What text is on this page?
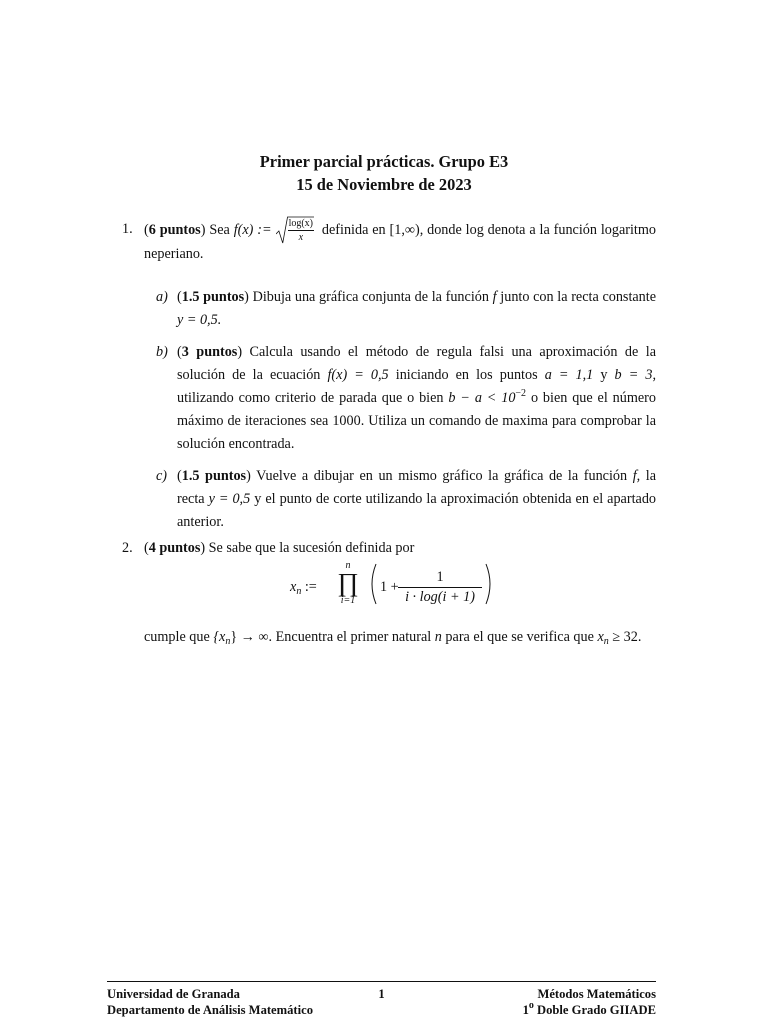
Primer parcial prácticas. Grupo E3
15 de Noviembre de 2023
1. (6 puntos) Sea f(x) := $\frac{\log(x)}{x}$ definida en [1,∞), donde log denota a la función logaritmo neperiano.
a) (1.5 puntos) Dibuja una gráfica conjunta de la función f junto con la recta constante y = 0,5.
b) (3 puntos) Calcula usando el método de regula falsi una aproximación de la solución de la ecuación f(x) = 0,5 iniciando en los puntos a = 1,1 y b = 3, utilizando como criterio de parada que o bien $b - a < 10^{-2}$ o bien que el número máximo de iteraciones sea 1000. Utiliza un comando de maxima para comprobar la solución encontrada.
c) (1.5 puntos) Vuelve a dibujar en un mismo gráfico la gráfica de la función f, la recta y = 0,5 y el punto de corte utilizando la aproximación obtenida en el apartado anterior.
2. (4 puntos) Se sabe que la sucesión definida por
$x_n$ :=
n
∏
i=1
$1 + \frac{1}{i \cdot \log(i + 1)}$
cumple que $\{x_n\}$ → ∞. Encuentra el primer natural n para el que se verifica que $x_n \ge 32$.
Universidad de Granada
Departamento de Análisis Matemático
1	Métodos Matemáticos
1$^o$ Doble Grado GIIADE
